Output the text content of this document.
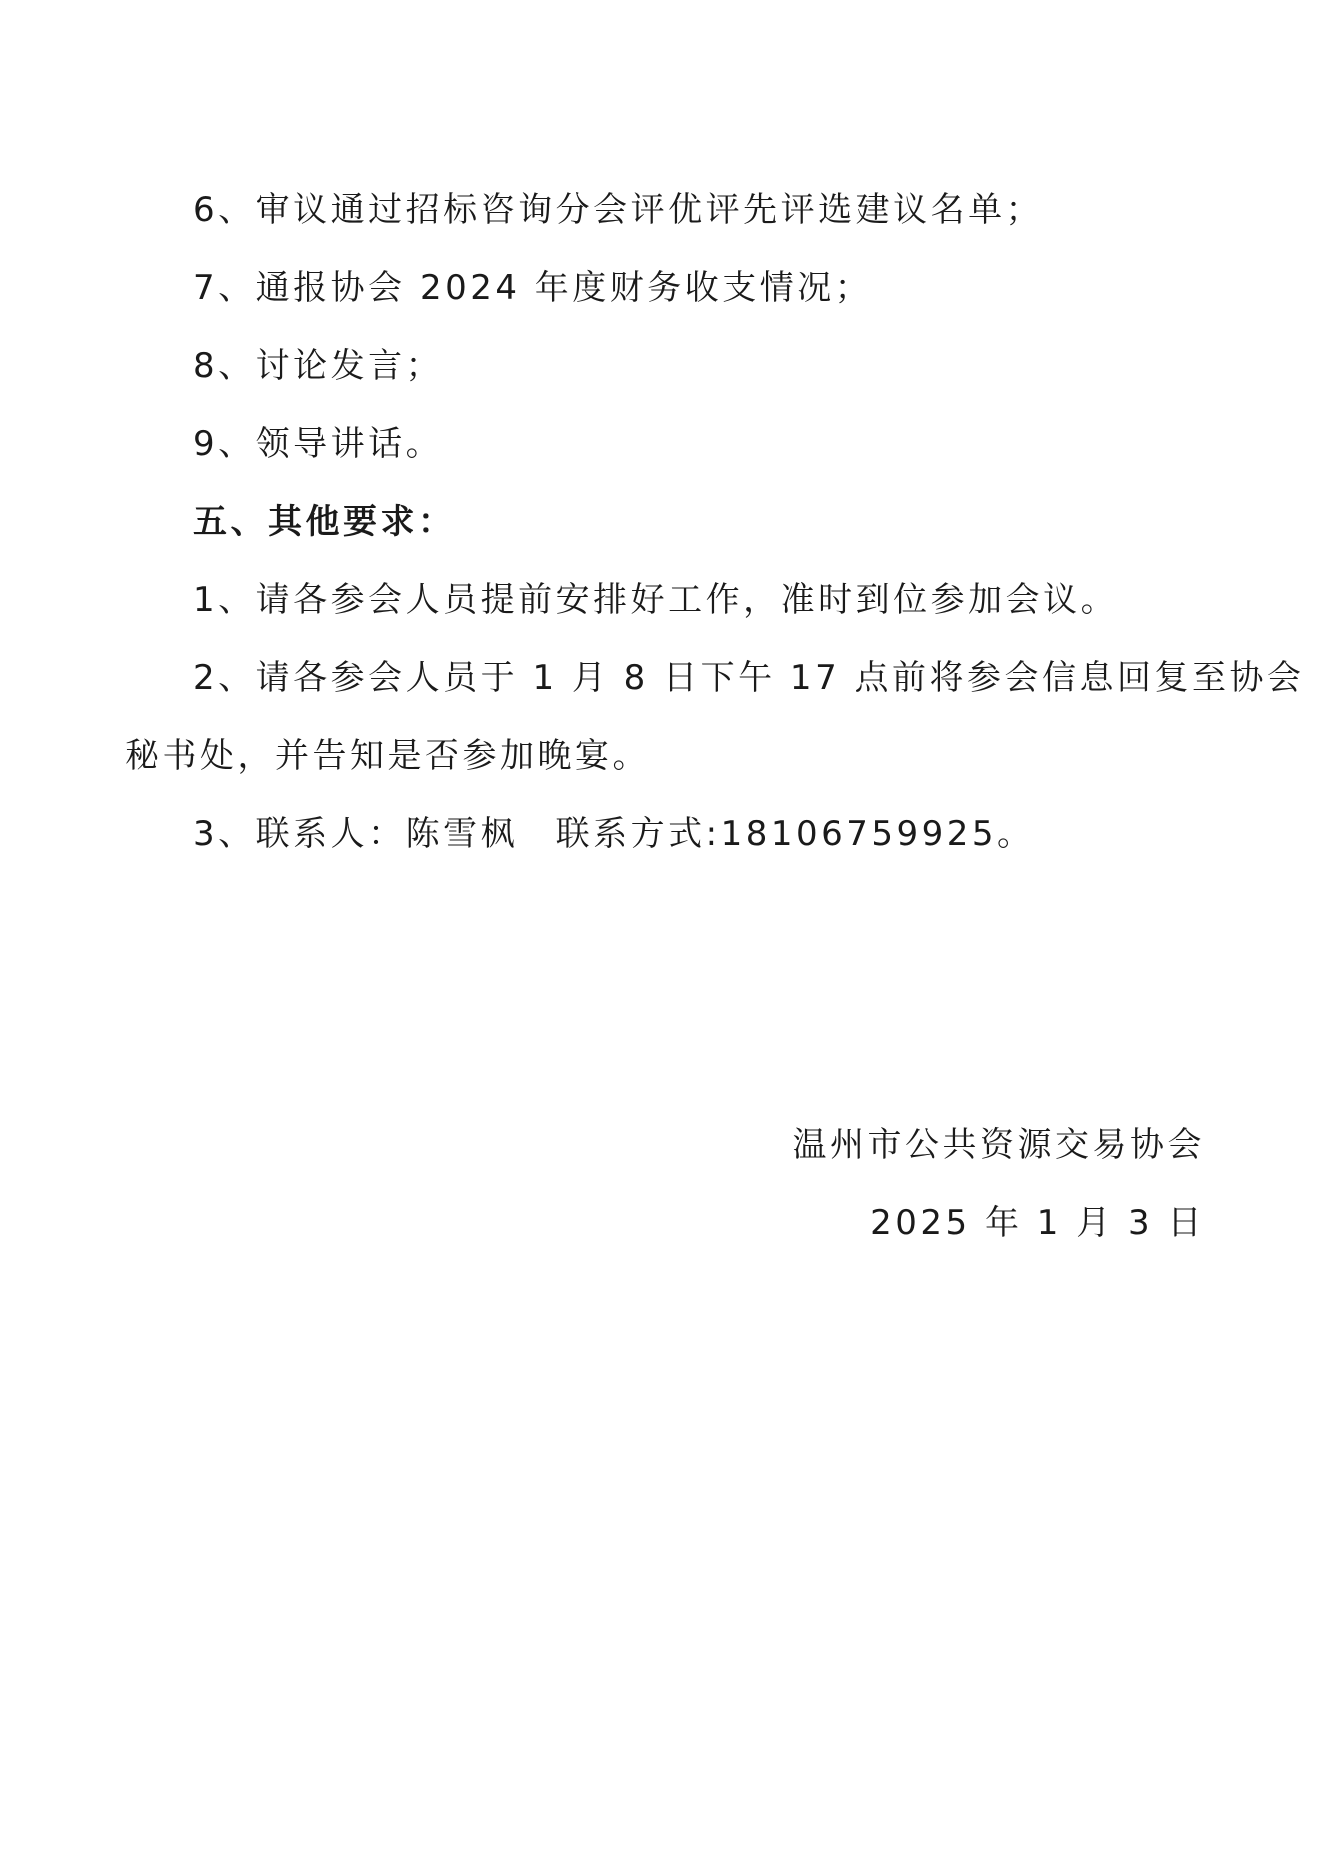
6、审议通过招标咨询分会评优评先评选建议名单；
7、通报协会 2024 年度财务收支情况；
8、讨论发言；
9、领导讲话。
五、其他要求：
1、请各参会人员提前安排好工作，准时到位参加会议。
2、请各参会人员于 1 月 8 日下午 17 点前将参会信息回复至协会
秘书处，并告知是否参加晚宴。
3、联系人：陈雪枫　联系方式:18106759925。
温州市公共资源交易协会
2025 年 1 月 3 日
